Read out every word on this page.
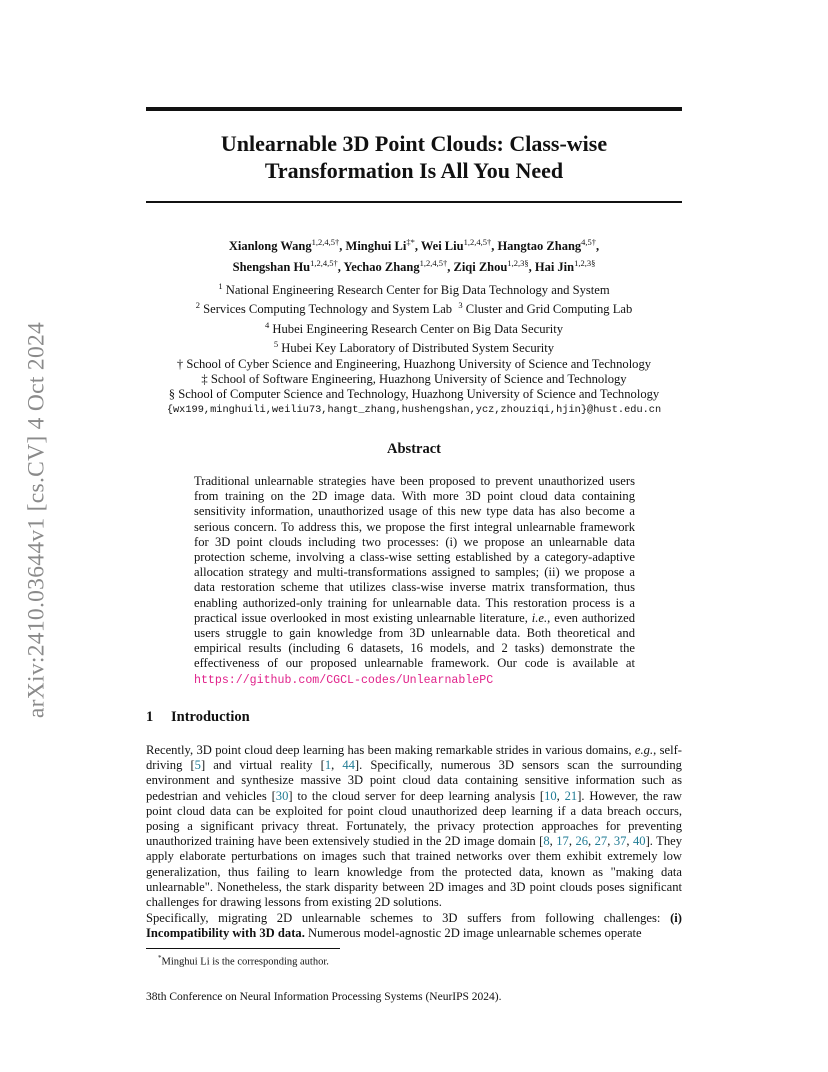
arXiv:2410.03644v1 [cs.CV] 4 Oct 2024
Unlearnable 3D Point Clouds: Class-wise
Transformation Is All You Need
Xianlong Wang$^{1,2,4,5\dagger}$, Minghui Li‡*, Wei Liu$^{1,2,4,5\dagger}$, Hangtao Zhang$^{4,5\dagger}$,
Shengshan $Hu^{1,2,4,5\dagger}$, Yechao Zhang$^{1,2,4,5\dagger}$, Ziqi Zhou$^{1,2,3\S}$, Hai Jin$^{1,2,3\S}$
$^1$ National Engineering Research Center for Big Data Technology and System
$^2$ Services Computing Technology and System Lab $^3$ Cluster and Grid Computing Lab
$^4$ Hubei Engineering Research Center on Big Data Security
$^5$ Hubei Key Laboratory of Distributed System Security
† School of Cyber Science and Engineering, Huazhong University of Science and Technology
‡ School of Software Engineering, Huazhong University of Science and Technology
§ School of Computer Science and Technology, Huazhong University of Science and Technology
{wx199,minghuili,weiliu73,hangt_zhang,hushengshan,ycz,zhouziqi,hjin}@hust.edu.cn
Abstract
Traditional unlearnable strategies have been proposed to prevent unauthorized users from training on the 2D image data. With more 3D point cloud data containing sensitivity information, unauthorized usage of this new type data has also become a serious concern. To address this, we propose the first integral unlearnable framework for 3D point clouds including two processes: (i) we propose an unlearnable data protection scheme, involving a class-wise setting established by a category-adaptive allocation strategy and multi-transformations assigned to samples; (ii) we propose a data restoration scheme that utilizes class-wise inverse matrix transformation, thus enabling authorized-only training for unlearnable data. This restoration process is a practical issue overlooked in most existing unlearnable literature, i.e., even authorized users struggle to gain knowledge from 3D unlearnable data. Both theoretical and empirical results (including 6 datasets, 16 models, and 2 tasks) demonstrate the effectiveness of our proposed unlearnable framework. Our code is available at https://github.com/CGCL-codes/UnlearnablePC
1 Introduction
Recently, 3D point cloud deep learning has been making remarkable strides in various domains, e.g., self-driving [5] and virtual reality [1, 44]. Specifically, numerous 3D sensors scan the surrounding environment and synthesize massive 3D point cloud data containing sensitive information such as pedestrian and vehicles [30] to the cloud server for deep learning analysis [10, 21]. However, the raw point cloud data can be exploited for point cloud unauthorized deep learning if a data breach occurs, posing a significant privacy threat. Fortunately, the privacy protection approaches for preventing unauthorized training have been extensively studied in the 2D image domain [8, 17, 26, 27, 37, 40]. They apply elaborate perturbations on images such that trained networks over them exhibit extremely low generalization, thus failing to learn knowledge from the protected data, known as "making data unlearnable". Nonetheless, the stark disparity between 2D images and 3D point clouds poses significant challenges for drawing lessons from existing 2D solutions.
Specifically, migrating 2D unlearnable schemes to 3D suffers from following challenges: (i) Incompatibility with 3D data. Numerous model-agnostic 2D image unlearnable schemes operate
*Minghui Li is the corresponding author.
38th Conference on Neural Information Processing Systems (NeurIPS 2024).
